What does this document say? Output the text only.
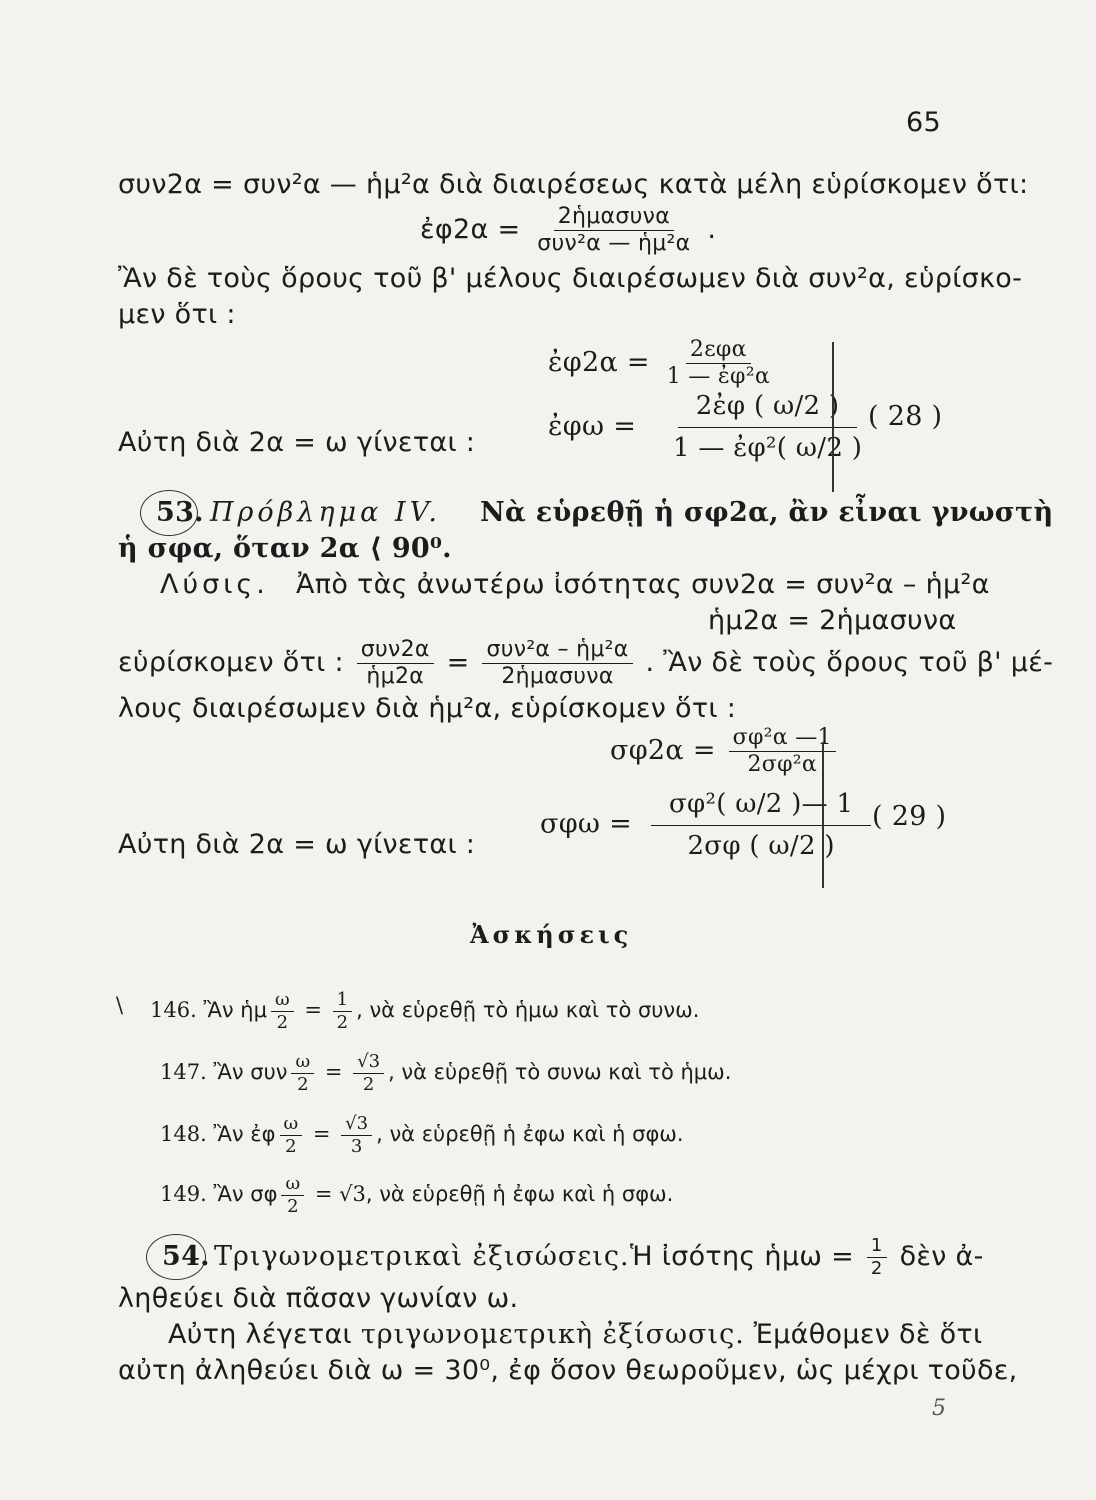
65
συν2α = συν²α — ἡμ²α διὰ διαιρέσεως κατὰ μέλη εὑρίσκομεν ὅτι:
ἐφ2α = $\frac{\text{2ἡμασυνα}}{\text{συν²α — ἡμ²α}}$ .
Ἂν δὲ τοὺς ὅρους τοῦ β' μέλους διαιρέσωμεν διὰ συν²α, εὑρίσκο-
μεν ὅτι :
ἐφ2α = $\frac{\text{2εφα}}{\text{1 — ἐφ²α}}$
Αὐτη διὰ 2α = ω γίνεται :
ἐφω = $\frac{\text{2ἐφ ( ω/2 )}}{\text{1 — ἐφ²( ω/2 )}}$
( 28 )
53. Πρόβλημα IV. Νὰ εὑρεθῇ ἡ σφ2α, ἂν εἶναι γνωστὴ
ἡ σφα, ὅταν 2α ⟨ 90⁰.
Λύσις. Ἀπὸ τὰς ἀνωτέρω ἰσότητας συν2α = συν²α – ἡμ²α
ἡμ2α = 2ἡμασυνα
εὑρίσκομεν ὅτι : $\frac{\text{συν2α}}{\text{ἡμ2α}} = \frac{\text{συν²α – ἡμ²α}}{\text{2ἡμασυνα}}$ . Ἂν δὲ τοὺς ὅρους τοῦ β' μέ-
λους διαιρέσωμεν διὰ ἡμ²α, εὑρίσκομεν ὅτι :
$\sigma\varphi 2\alpha = \frac{\text{σφ²α —1}}{\text{2σφ²α}}$
Αὐτη διὰ 2α = ω γίνεται :
$\sigma\varphi\omega = \frac{\text{σφ²( ω/2 )— 1}}{2\sigma\varphi ( \omega/2 )}$ ( 29 )
Ἀσκήσεις
\ 146. Ἂν ἡμ $\frac{\omega}{2} = \frac{1}{2}$ , νὰ εὑρεθῇ τὸ ἡμω καὶ τὸ συνω.
147. Ἂν συν $\frac{\omega}{2} = \frac{√3}{2}$ , νὰ εὑρεθῇ τὸ συνω καὶ τὸ ἡμω.
148. Ἂν ἐφ $\frac{\omega}{2} = \frac{√3}{3}$ , νὰ εὑρεθῇ ἡ ἐφω καὶ ἡ σφω.
149. Ἂν σφ $\frac{\omega}{2} = √3$, νὰ εὑρεθῇ ἡ ἐφω καὶ ἡ σφω.
54. Τριγωνομετρικαὶ ἐξισώσεις. Ἡ ἰσότης ἡμω = $\frac{1}{2}$ δὲν ἀ-
ληθεύει διὰ πᾶσαν γωνίαν ω.
Αὐτη λέγεται τριγωνομετρικὴ ἐξίσωσις. Ἐμάθομεν δὲ ὅτι
αὐτη ἀληθεύει διὰ ω = 30⁰, ἐφ ὅσον θεωροῦμεν, ὡς μέχρι τοῦδε,
5
